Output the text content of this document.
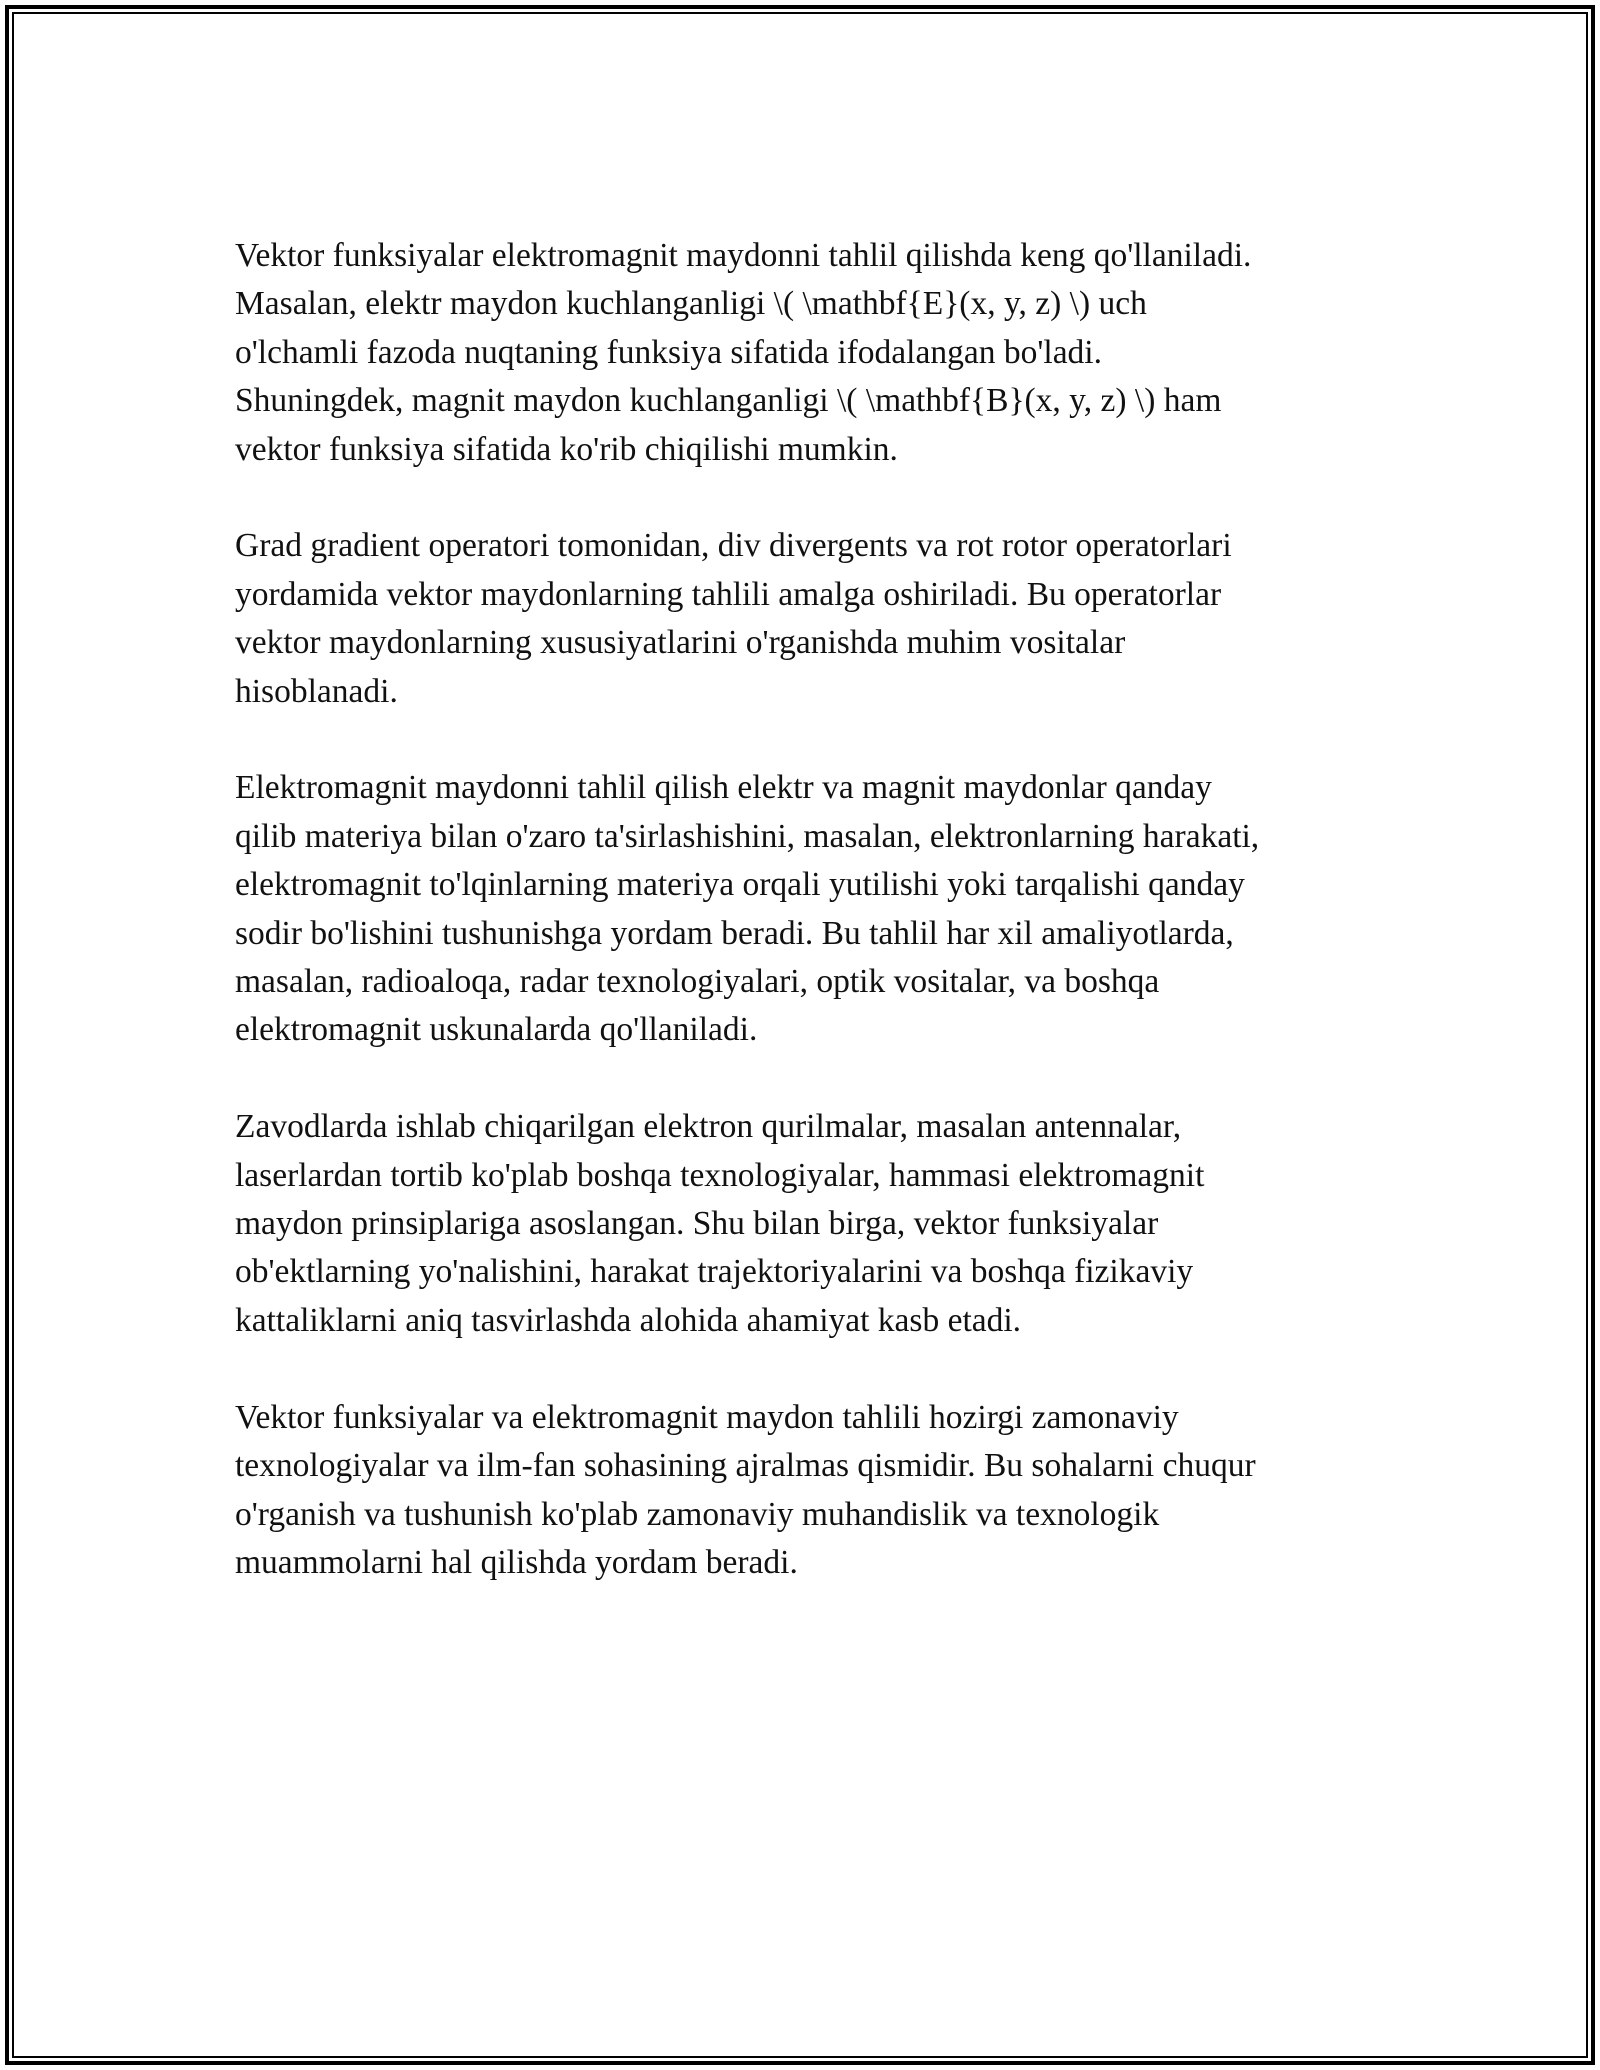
Vektor funksiyalar elektromagnit maydonni tahlil qilishda keng qo'llaniladi.
Masalan, elektr maydon kuchlanganligi \( \mathbf{E}(x, y, z) \) uch
o'lchamli fazoda nuqtaning funksiya sifatida ifodalangan bo'ladi.
Shuningdek, magnit maydon kuchlanganligi \( \mathbf{B}(x, y, z) \) ham
vektor funksiya sifatida ko'rib chiqilishi mumkin.

Grad gradient operatori tomonidan, div divergents va rot rotor operatorlari
yordamida vektor maydonlarning tahlili amalga oshiriladi. Bu operatorlar
vektor maydonlarning xususiyatlarini o'rganishda muhim vositalar
hisoblanadi.

Elektromagnit maydonni tahlil qilish elektr va magnit maydonlar qanday
qilib materiya bilan o'zaro ta'sirlashishini, masalan, elektronlarning harakati,
elektromagnit to'lqinlarning materiya orqali yutilishi yoki tarqalishi qanday
sodir bo'lishini tushunishga yordam beradi. Bu tahlil har xil amaliyotlarda,
masalan, radioaloqa, radar texnologiyalari, optik vositalar, va boshqa
elektromagnit uskunalarda qo'llaniladi.

Zavodlarda ishlab chiqarilgan elektron qurilmalar, masalan antennalar,
laserlardan tortib ko'plab boshqa texnologiyalar, hammasi elektromagnit
maydon prinsiplariga asoslangan. Shu bilan birga, vektor funksiyalar
ob'ektlarning yo'nalishini, harakat trajektoriyalarini va boshqa fizikaviy
kattaliklarni aniq tasvirlashda alohida ahamiyat kasb etadi.

Vektor funksiyalar va elektromagnit maydon tahlili hozirgi zamonaviy
texnologiyalar va ilm-fan sohasining ajralmas qismidir. Bu sohalarni chuqur
o'rganish va tushunish ko'plab zamonaviy muhandislik va texnologik
muammolarni hal qilishda yordam beradi.
